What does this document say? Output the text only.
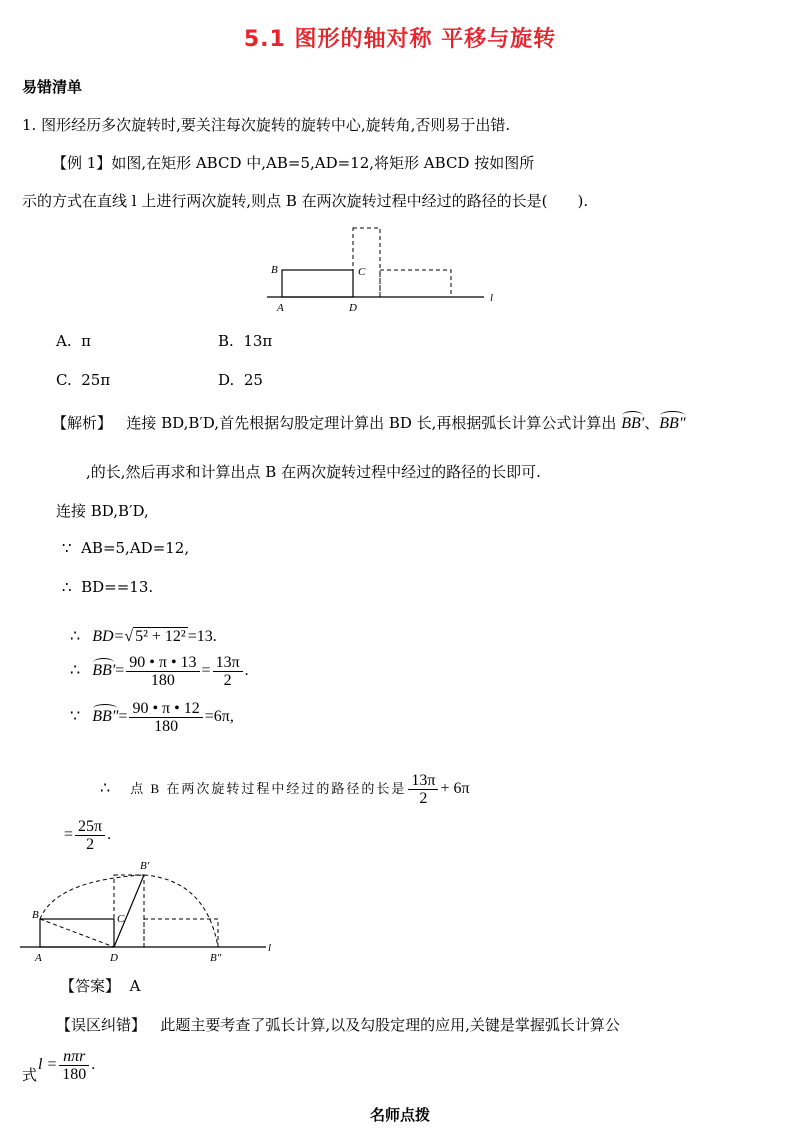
5.1 图形的轴对称 平移与旋转
易错清单
1. 图形经历多次旋转时,要关注每次旋转的旋转中心,旋转角,否则易于出错.
【例 1】如图,在矩形 ABCD 中,AB=5,AD=12,将矩形 ABCD 按如图所
示的方式在直线 l 上进行两次旋转,则点 B 在两次旋转过程中经过的路径的长是(　　).
B	C
A	D
l
A. π	B. 13π
C. 25π	D. 25
【解析】 连接 BD,B′D,首先根据勾股定理计算出 BD 长,再根据弧长计算公式计算出 BB′、BB″
,的长,然后再求和计算出点 B 在两次旋转过程中经过的路径的长即可.
连接 BD,B′D,
∵ AB=5,AD=12,
∴ BD==13.
∴ BD=√ 5² + 12² =13.
∴ $BB'= \frac{90 • \pi • 13}{180} = \frac{13\pi}{2}$ .
∵ $BB''= \frac{90 • \pi • 12}{180} =6\pi$,
∴ 点 B 在两次旋转过程中经过的路径的长是 $\frac{13\pi}{2} + 6\pi$
= $\frac{25\pi}{2}$ .
B	C
B′
A	D	B″
l
【答案】 A
【误区纠错】 此题主要考查了弧长计算,以及勾股定理的应用,关键是掌握弧长计算公
式
$l = \frac{\text{nπr}}{180}$ .
名师点拨
